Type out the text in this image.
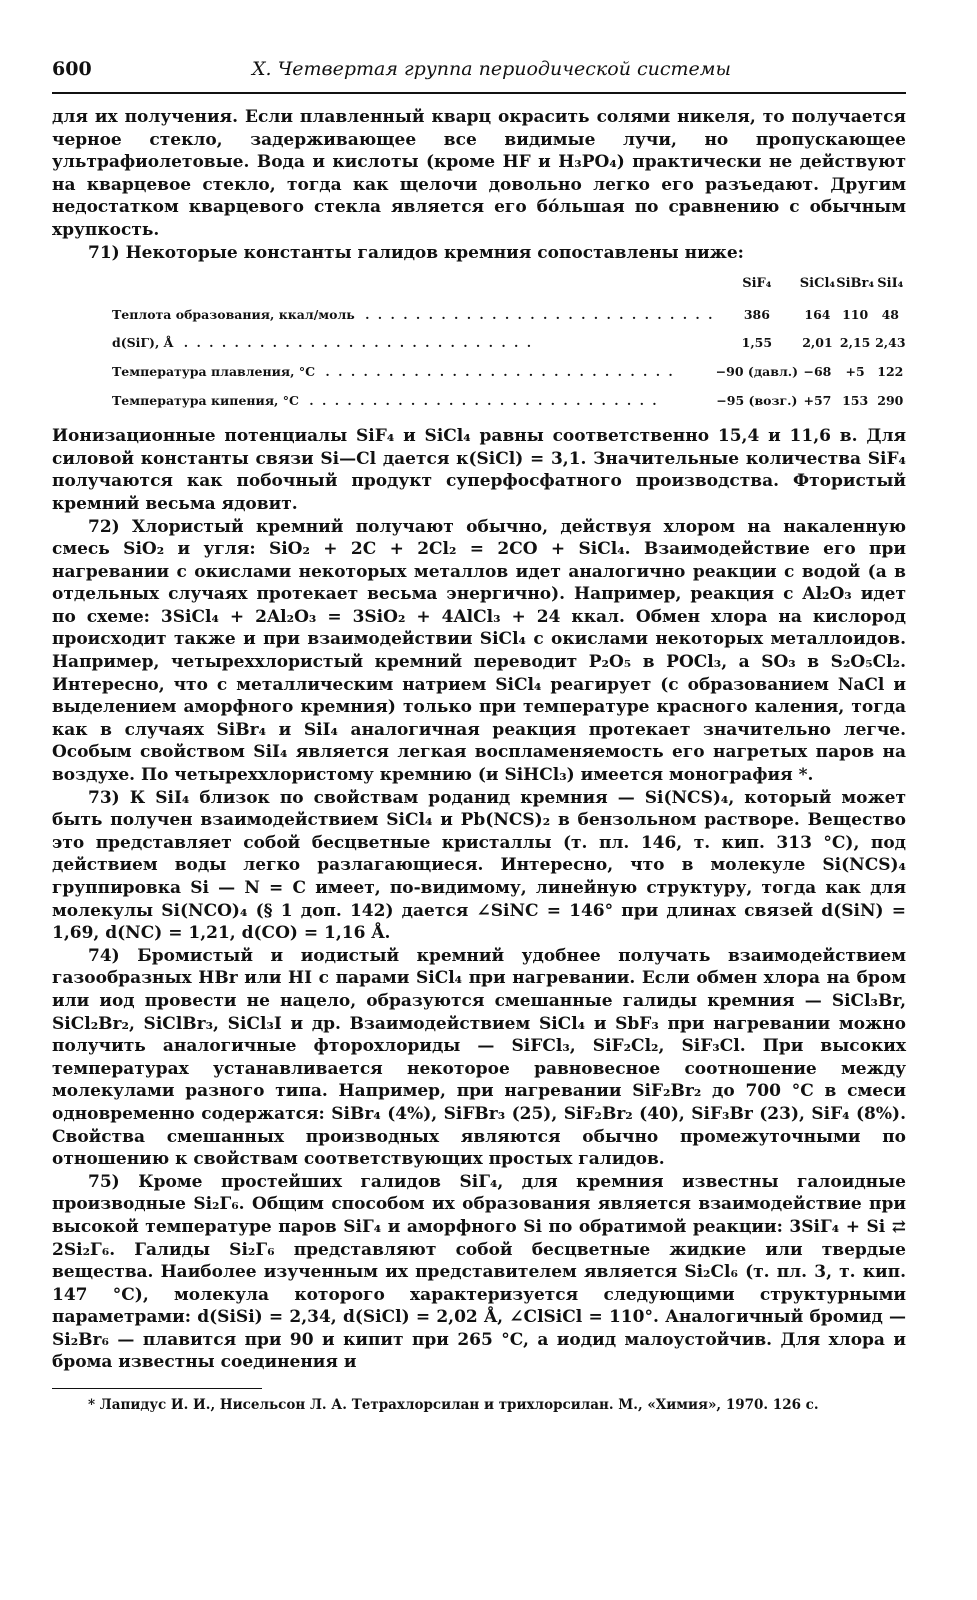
600	X. Четвертая группа периодической системы

для их получения. Если плавленный кварц окрасить солями никеля, то получается черное стекло, задерживающее все видимые лучи, но пропускающее ультрафиолетовые. Вода и кислоты (кроме HF и H₃PO₄) практически не действуют на кварцевое стекло, тогда как щелочи довольно легко его разъедают. Другим недостатком кварцевого стекла является его бо́льшая по сравнению с обычным хрупкость.

71) Некоторые константы галидов кремния сопоставлены ниже:

	SiF₄	SiCl₄	SiBr₄	SiI₄
Теплота образования, ккал/моль . . . . . . . . . . . . . . . . . . . . . . . . . . . .	386	164	110	48
d(SiГ), Å . . . . . . . . . . . . . . . . . . . . . . . . . . . .	1,55	2,01	2,15	2,43
Температура плавления, °C . . . . . . . . . . . . . . . . . . . . . . . . . . . .	−90 (давл.)	−68	+5	122
Температура кипения, °C . . . . . . . . . . . . . . . . . . . . . . . . . . . .	−95 (возг.)	+57	153	290

Ионизационные потенциалы SiF₄ и SiCl₄ равны соответственно 15,4 и 11,6 в. Для силовой константы связи Si—Cl дается к(SiCl) = 3,1. Значительные количества SiF₄ получаются как побочный продукт суперфосфатного производства. Фтористый кремний весьма ядовит.

72) Хлористый кремний получают обычно, действуя хлором на накаленную смесь SiO₂ и угля: SiO₂ + 2C + 2Cl₂ = 2CO + SiCl₄. Взаимодействие его при нагревании с окислами некоторых металлов идет аналогично реакции с водой (а в отдельных случаях протекает весьма энергично). Например, реакция с Al₂O₃ идет по схеме: 3SiCl₄ + 2Al₂O₃ = 3SiO₂ + 4AlCl₃ + 24 ккал. Обмен хлора на кислород происходит также и при взаимодействии SiCl₄ с окислами некоторых металлоидов. Например, четыреххлористый кремний переводит P₂O₅ в POCl₃, а SO₃ в S₂O₅Cl₂. Интересно, что с металлическим натрием SiCl₄ реагирует (с образованием NaCl и выделением аморфного кремния) только при температуре красного каления, тогда как в случаях SiBr₄ и SiI₄ аналогичная реакция протекает значительно легче. Особым свойством SiI₄ является легкая воспламеняемость его нагретых паров на воздухе. По четыреххлористому кремнию (и SiHCl₃) имеется монография *.

73) К SiI₄ близок по свойствам роданид кремния — Si(NCS)₄, который может быть получен взаимодействием SiCl₄ и Pb(NCS)₂ в бензольном растворе. Вещество это представляет собой бесцветные кристаллы (т. пл. 146, т. кип. 313 °C), под действием воды легко разлагающиеся. Интересно, что в молекуле Si(NCS)₄ группировка Si — N = C имеет, по-видимому, линейную структуру, тогда как для молекулы Si(NCO)₄ (§ 1 доп. 142) дается ∠SiNC = 146° при длинах связей d(SiN) = 1,69, d(NC) = 1,21, d(CO) = 1,16 Å.

74) Бромистый и иодистый кремний удобнее получать взаимодействием газообразных HBr или HI с парами SiCl₄ при нагревании. Если обмен хлора на бром или иод провести не нацело, образуются смешанные галиды кремния — SiCl₃Br, SiCl₂Br₂, SiClBr₃, SiCl₃I и др. Взаимодействием SiCl₄ и SbF₃ при нагревании можно получить аналогичные фторохлориды — SiFCl₃, SiF₂Cl₂, SiF₃Cl. При высоких температурах устанавливается некоторое равновесное соотношение между молекулами разного типа. Например, при нагревании SiF₂Br₂ до 700 °C в смеси одновременно содержатся: SiBr₄ (4%), SiFBr₃ (25), SiF₂Br₂ (40), SiF₃Br (23), SiF₄ (8%). Свойства смешанных производных являются обычно промежуточными по отношению к свойствам соответствующих простых галидов.

75) Кроме простейших галидов SiГ₄, для кремния известны галоидные производные Si₂Г₆. Общим способом их образования является взаимодействие при высокой температуре паров SiГ₄ и аморфного Si по обратимой реакции: 3SiГ₄ + Si ⇄ 2Si₂Г₆. Галиды Si₂Г₆ представляют собой бесцветные жидкие или твердые вещества. Наиболее изученным их представителем является Si₂Cl₆ (т. пл. 3, т. кип. 147 °C), молекула которого характеризуется следующими структурными параметрами: d(SiSi) = 2,34, d(SiCl) = 2,02 Å, ∠ClSiCl = 110°. Аналогичный бромид — Si₂Br₆ — плавится при 90 и кипит при 265 °C, а иодид малоустойчив. Для хлора и брома известны соединения и

* Лапидус И. И., Нисельсон Л. А. Тетрахлорсилан и трихлорсилан. М., «Химия», 1970. 126 с.
